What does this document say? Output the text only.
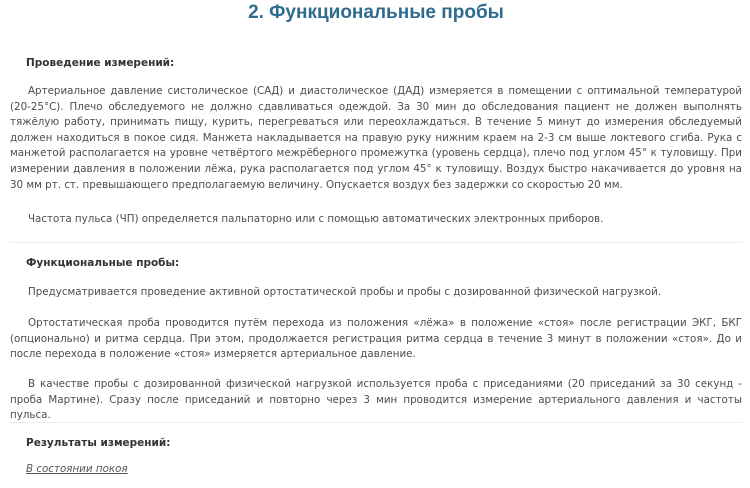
2. Функциональные пробы
Проведение измерений:

Артериальное давление систолическое (САД) и диастолическое (ДАД) измеряется в помещении с оптимальной температурой (20-25°С). Плечо обследуемого не должно сдавливаться одеждой. За 30 мин до обследования пациент не должен выполнять тяжёлую работу, принимать пищу, курить, перегреваться или переохлаждаться. В течение 5 минут до измерения обследуемый должен находиться в покое сидя. Манжета накладывается на правую руку нижним краем на 2-3 см выше локтевого сгиба. Рука с манжетой располагается на уровне четвёртого межрёберного промежутка (уровень сердца), плечо под углом 45° к туловищу. При измерении давления в положении лёжа, рука располагается под углом 45° к туловищу. Воздух быстро накачивается до уровня на 30 мм рт. ст. превышающего предполагаемую величину. Опускается воздух без задержки со скоростью 20 мм.

Частота пульса (ЧП) определяется пальпаторно или с помощью автоматических электронных приборов.

Функциональные пробы:

Предусматривается проведение активной ортостатической пробы и пробы с дозированной физической нагрузкой.

Ортостатическая проба проводится путём перехода из положения «лёжа» в положение «стоя» после регистрации ЭКГ, БКГ (опционально) и ритма сердца. При этом, продолжается регистрация ритма сердца в течение 3 минут в положении «стоя». До и после перехода в положение «стоя» измеряется артериальное давление.

В качестве пробы с дозированной физической нагрузкой используется проба с приседаниями (20 приседаний за 30 секунд - проба Мартине). Сразу после приседаний и повторно через 3 мин проводится измерение артериального давления и частоты пульса.

Результаты измерений:
В состоянии покоя
